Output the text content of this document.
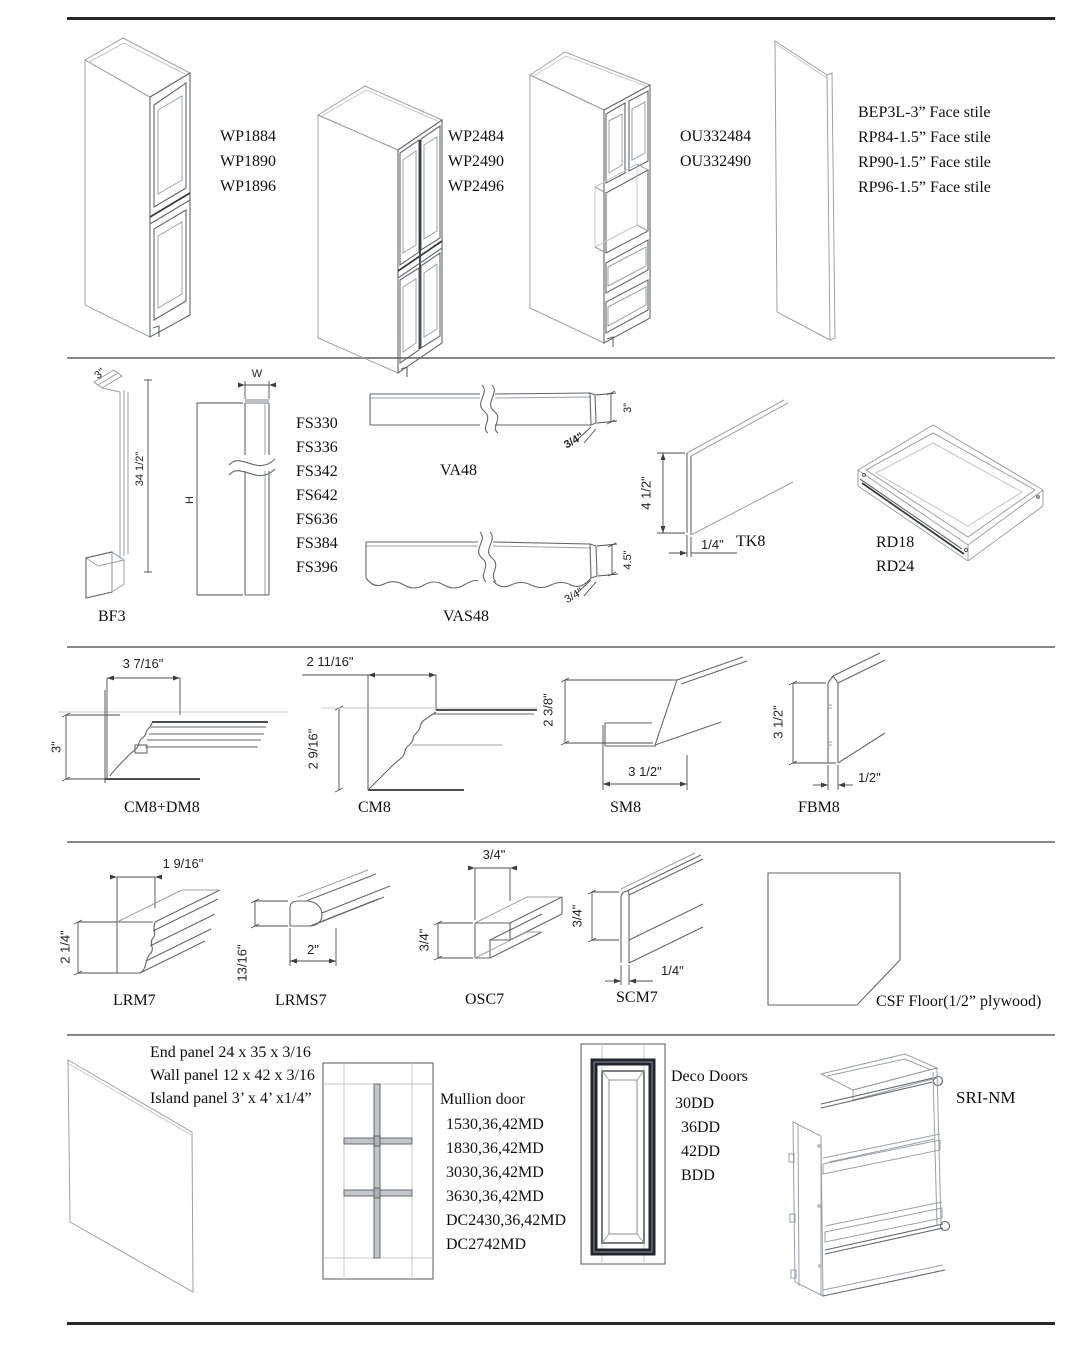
WP1884
WP1890
WP1896
WP2484
WP2490
WP2496
OU332484
OU332490
BEP3L-3” Face stile
RP84-1.5” Face stile
RP90-1.5” Face stile
RP96-1.5” Face stile
3"
34 1/2"
BF3
W
H
FS330
FS336
FS342
FS642
FS636
FS384
FS396
3"
3/4"
VA48
4.5"
3/4"
VAS48
4 1/2"
1/4" TK8	RD18
RD24
3 7/16"
3"
CM8+DM8
2 11/16"
2 9/16"
CM8
2 3/8"
3 1/2"
SM8
3 1/2"
1/2"
FBM8
1 9/16"
2 1/4"
LRM7
13/16"	2"
LRMS7
3/4"
3/4"
OSC7
3/4"
1/4"
SCM7	CSF Floor(1/2” plywood)
End panel 24 x 35 x 3/16
Wall panel 12 x 42 x 3/16
Island panel 3’ x 4’ x1/4”	Mullion door
1530,36,42MD
1830,36,42MD
3030,36,42MD
3630,36,42MD
DC2430,36,42MD
DC2742MD
Deco Doors
30DD
36DD
42DD
BDD
SRI-NM
